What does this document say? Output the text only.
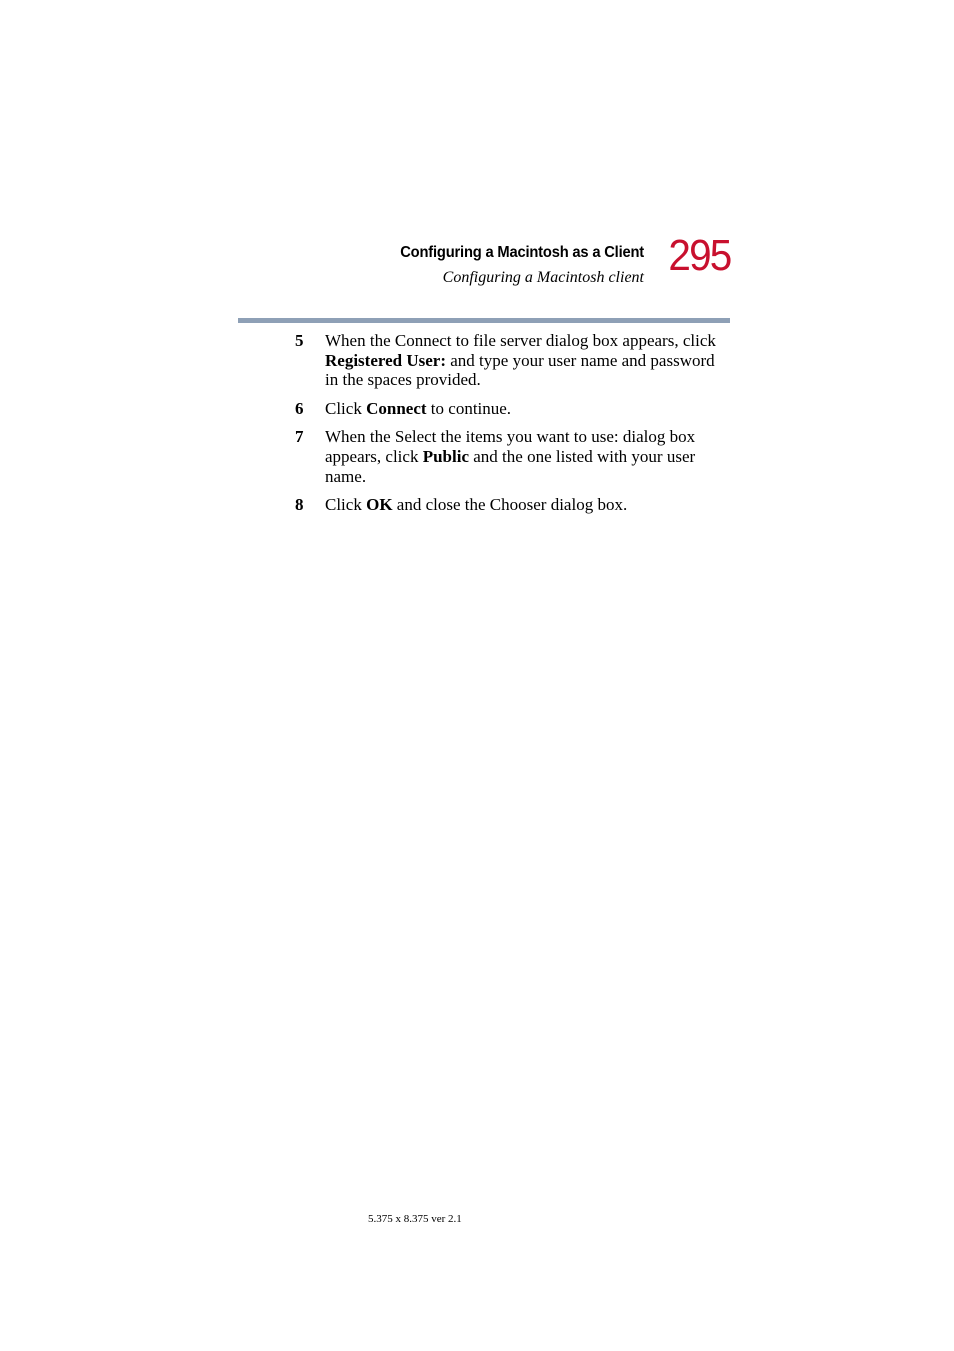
Configuring a Macintosh as a Client
Configuring a Macintosh client 295
5 When the Connect to file server dialog box appears, click Registered User: and type your user name and password in the spaces provided.
6 Click Connect to continue.
7 When the Select the items you want to use: dialog box appears, click Public and the one listed with your user name.
8 Click OK and close the Chooser dialog box.
5.375 x 8.375 ver 2.1
